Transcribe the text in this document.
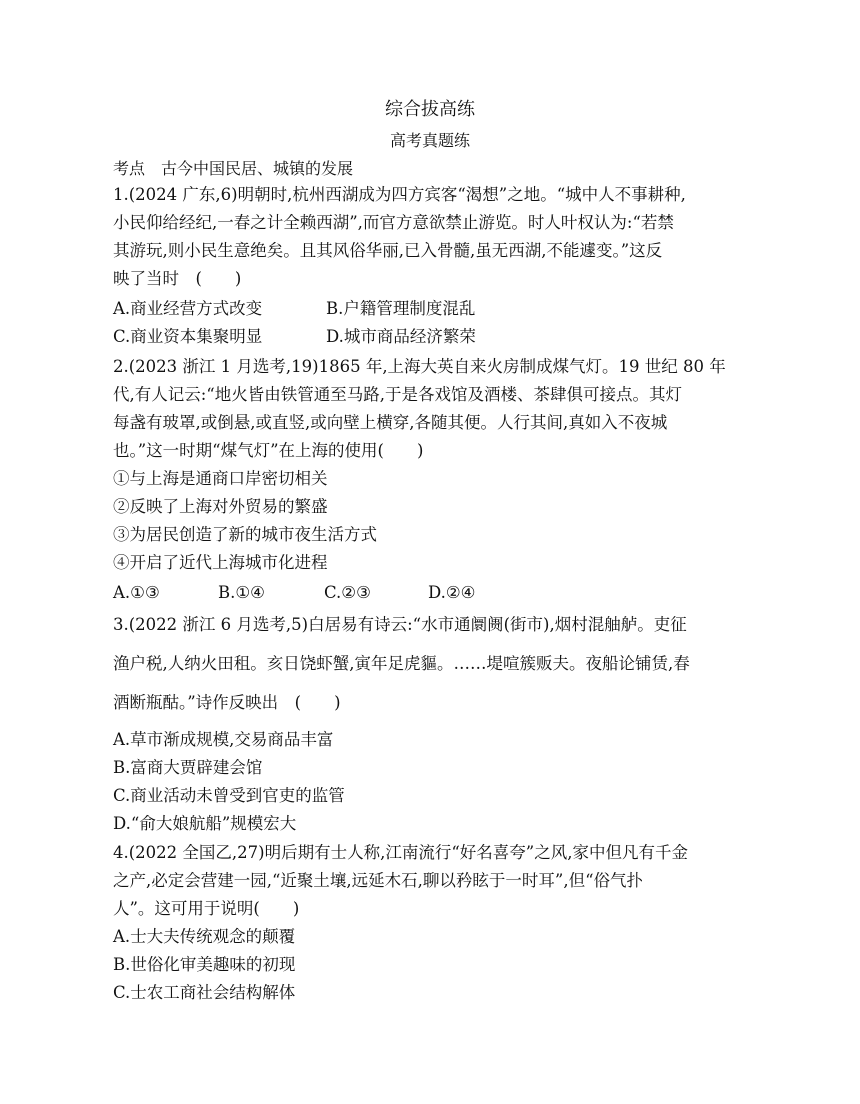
综合拔高练
高考真题练
考点　古今中国民居、城镇的发展
1.(2024 广东,6)明朝时,杭州西湖成为四方宾客“渴想”之地。“城中人不事耕种,
小民仰给经纪,一春之计全赖西湖”,而官方意欲禁止游览。时人叶权认为:“若禁
其游玩,则小民生意绝矣。且其风俗华丽,已入骨髓,虽无西湖,不能遽变。”这反
映了当时　(　　)
A.商业经营方式改变	B.户籍管理制度混乱
C.商业资本集聚明显	D.城市商品经济繁荣
2.(2023 浙江 1 月选考,19)1865 年,上海大英自来火房制成煤气灯。19 世纪 80 年
代,有人记云:“地火皆由铁管通至马路,于是各戏馆及酒楼、茶肆俱可接点。其灯
每盏有玻罩,或倒悬,或直竖,或向壁上横穿,各随其便。人行其间,真如入不夜城
也。”这一时期“煤气灯”在上海的使用(　　)
①与上海是通商口岸密切相关
②反映了上海对外贸易的繁盛
③为居民创造了新的城市夜生活方式
④开启了近代上海城市化进程
A.①③	B.①④	C.②③	D.②④
3.(2022 浙江 6 月选考,5)白居易有诗云:“水市通阛阓(街市),烟村混舳舻。吏征
渔户税,人纳火田租。亥日饶虾蟹,寅年足虎貙。……堤喧簇贩夫。夜船论铺赁,春
酒断瓶酤。”诗作反映出　(　　)
A.草市渐成规模,交易商品丰富
B.富商大贾辟建会馆
C.商业活动未曾受到官吏的监管
D.“俞大娘航船”规模宏大
4.(2022 全国乙,27)明后期有士人称,江南流行“好名喜夸”之风,家中但凡有千金
之产,必定会营建一园,“近聚土壤,远延木石,聊以矜眩于一时耳”,但“俗气扑
人”。这可用于说明(　　)
A.士大夫传统观念的颠覆
B.世俗化审美趣味的初现
C.士农工商社会结构解体
